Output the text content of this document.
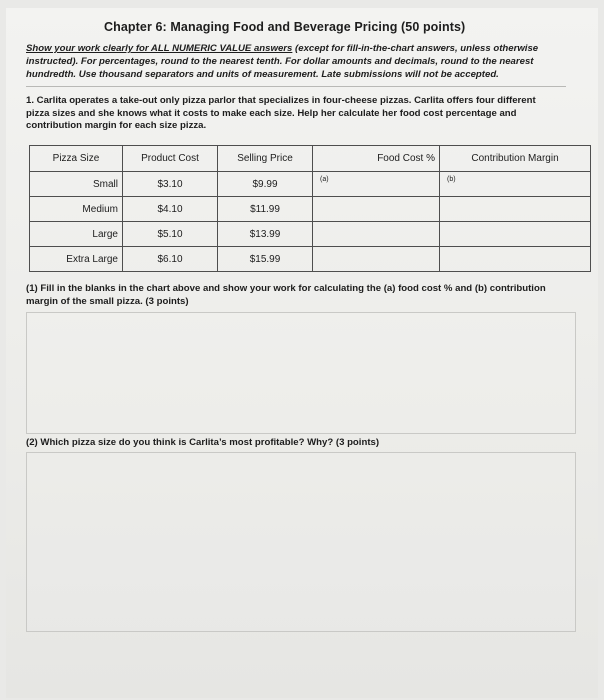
Chapter 6: Managing Food and Beverage Pricing (50 points)
Show your work clearly for ALL NUMERIC VALUE answers (except for fill-in-the-chart answers, unless otherwise instructed). For percentages, round to the nearest tenth. For dollar amounts and decimals, round to the nearest hundredth. Use thousand separators and units of measurement. Late submissions will not be accepted.
1. Carlita operates a take-out only pizza parlor that specializes in four-cheese pizzas. Carlita offers four different pizza sizes and she knows what it costs to make each size. Help her calculate her food cost percentage and contribution margin for each size pizza.
Pizza Size	Product Cost	Selling Price	Food Cost %	Contribution Margin
Small	$3.10	$9.99	(a)	(b)

Medium	$4.10	$11.99		
Large	$5.10	$13.99		
Extra Large	$6.10	$15.99		
(1) Fill in the blanks in the chart above and show your work for calculating the (a) food cost % and (b) contribution margin of the small pizza. (3 points)
(2) Which pizza size do you think is Carlita’s most profitable? Why? (3 points)
